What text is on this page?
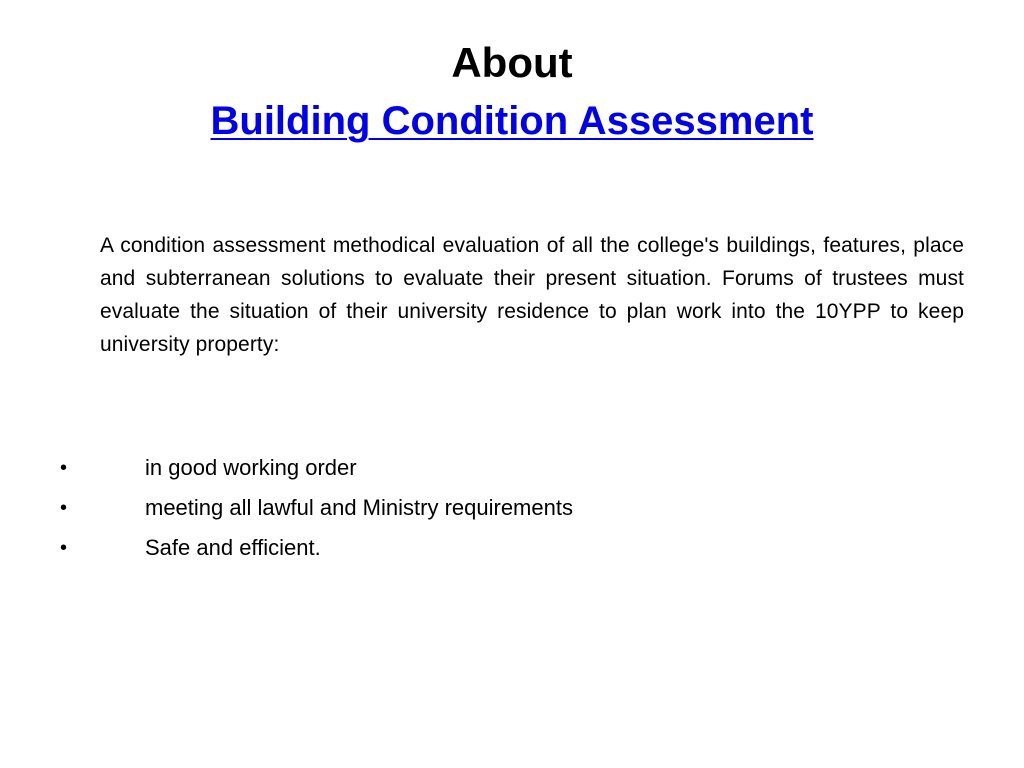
About
Building Condition Assessment
A condition assessment methodical evaluation of all the college's buildings, features, place and subterranean solutions to evaluate their present situation. Forums of trustees must evaluate the situation of their university residence to plan work into the 10YPP to keep university property:
•	in good working order
•	meeting all lawful and Ministry requirements
•	Safe and efficient.
